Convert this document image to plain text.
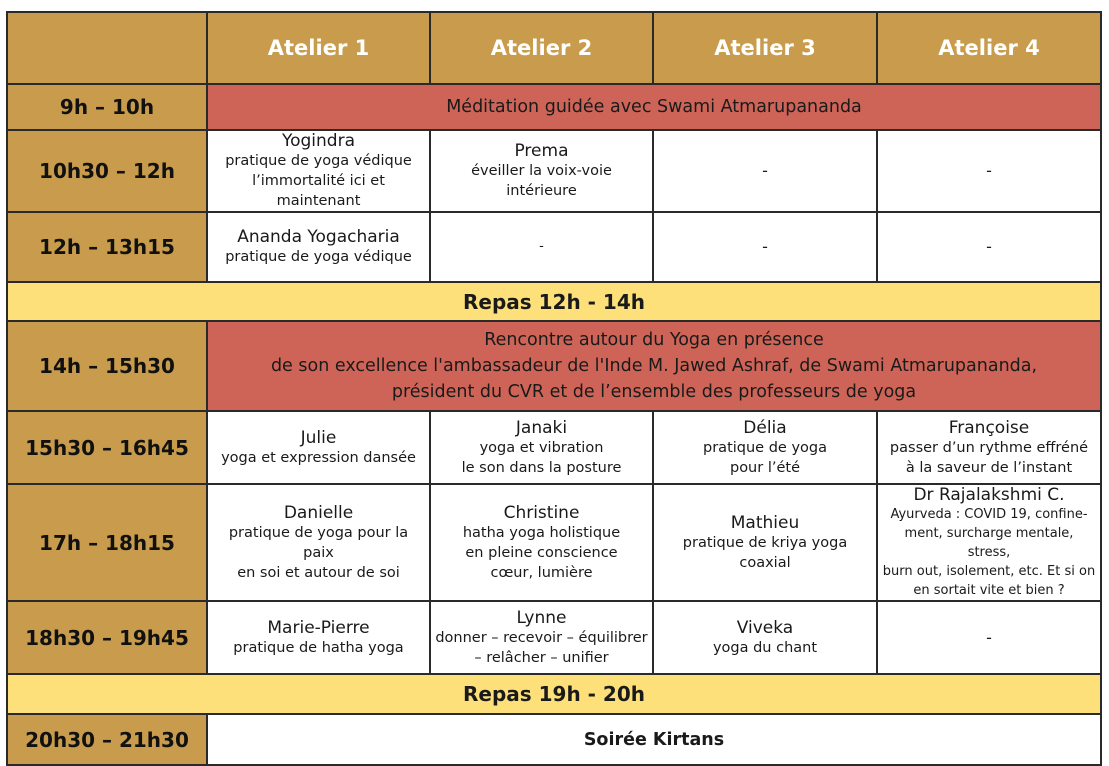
	Atelier 1	Atelier 2	Atelier 3	Atelier 4
9h – 10h	Méditation guidée avec Swami Atmarupananda			
10h30 – 12h	Yogindra
pratique de yoga védique
l’immortalité ici et maintenant	Prema
éveiller la voix-voie intérieure	-	-
12h – 13h15	Ananda Yogacharia
pratique de yoga védique	-	-	-
Repas 12h - 14h				
14h – 15h30	Rencontre autour du Yoga en présence
de son excellence l'ambassadeur de l'Inde M. Jawed Ashraf, de Swami Atmarupananda,
président du CVR et de l’ensemble des professeurs de yoga			

15h30 – 16h45	Julie
yoga et expression dansée	Janaki
yoga et vibration
le son dans la posture	Délia
pratique de yoga
pour l’été	Françoise
passer d’un rythme effréné
à la saveur de l’instant

17h – 18h15	Danielle
pratique de yoga pour la paix
en soi et autour de soi	Christine
hatha yoga holistique
en pleine conscience
cœur, lumière	Mathieu
pratique de kriya yoga coaxial	Dr Rajalakshmi C.
Ayurveda : COVID 19, confine-
ment, surcharge mentale, stress,
burn out, isolement, etc. Et si on
en sortait vite et bien ?

18h30 – 19h45	Marie-Pierre
pratique de hatha yoga	Lynne
donner – recevoir – équilibrer
– relâcher – unifier	Viveka
yoga du chant	-
Repas 19h - 20h				
20h30 – 21h30	Soirée Kirtans			
